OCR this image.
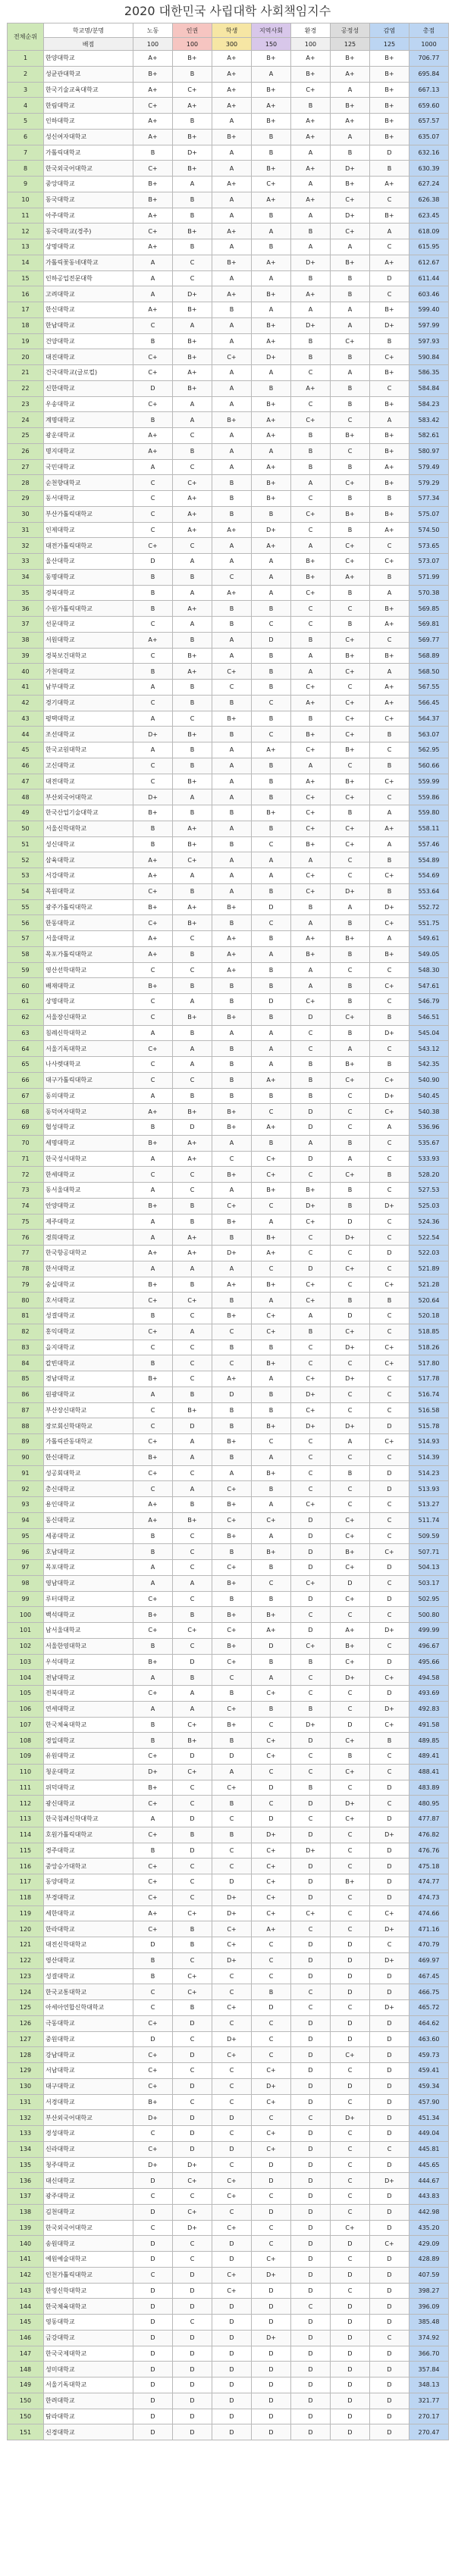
2020 대한민국 사립대학 사회책임지수
전체순위	학교명/분명	노동	인권	학생	지역사회	환경	공정성	감염	총점
	배점	100	100	300	150	100	125	125	1000
1	한양대학교	A+	B+	A+	B+	A+	B+	B+	706.77
2	성균관대학교	B+	B	A+	A	B+	A+	B+	695.84
3	한국기술교육대학교	A+	C+	A+	B+	C+	A	B+	667.13
4	한림대학교	C+	A+	A+	A+	B	B+	B+	659.60
5	인하대학교	A+	B	A	B+	A+	A+	B+	657.57
6	성신여자대학교	A+	B+	B+	B	A+	A	B+	635.07
7	가톨릭대학교	B	D+	A	B	A	B	D	632.16
8	한국외국어대학교	C+	B+	A	B+	A+	D+	B	630.39
9	중앙대학교	B+	A	A+	C+	A	B+	A+	627.24
10	동국대학교	B+	B	A	A+	A+	C+	C	626.38
11	아주대학교	A+	B	A	B	A	D+	B+	623.45
12	동국대학교(경주)	C+	B+	A+	A	B	C+	A	618.09
13	상명대학교	A+	B	A	B	A	A	C	615.95
14	가톨릭꽃동네대학교	A	C	B+	A+	D+	B+	A+	612.67
15	인하공업전문대학	A	C	A	A	B	B	D	611.44
16	고려대학교	A	D+	A+	B+	A+	B	C	603.46
17	한신대학교	A+	B+	B	A	A	A	B+	599.40
18	한남대학교	C	A	A	B+	D+	A	D+	597.99
19	건양대학교	B	B+	A	A+	B	C+	B	597.93
20	대진대학교	C+	B+	C+	D+	B	B	C+	590.84
21	건국대학교(글로컬)	C+	A+	A	A	C	A	B+	586.35
22	신한대학교	D	B+	A	B	A+	B	C	584.84
23	우송대학교	C+	A	A	B+	C	B	B+	584.23
24	계명대학교	B	A	B+	A+	C+	C	A	583.42
25	광운대학교	A+	C	A	A+	B	B+	B+	582.61
26	명지대학교	A+	B	A	A	B	C	B+	580.97
27	국민대학교	A	C	A	A+	B	B	A+	579.49
28	순천향대학교	C	C+	B	B+	A	C+	B+	579.29
29	동서대학교	C	A+	B	B+	C	B	B	577.34
30	부산가톨릭대학교	C	A+	B	B	C+	B+	B+	575.07
31	인제대학교	C	A+	A+	D+	C	B	A+	574.50
32	대전가톨릭대학교	C+	C	A	A+	A	C+	C	573.65
33	울산대학교	D	A	A	A	B+	C+	C+	573.07
34	동명대학교	B	B	C	A	B+	A+	B	571.99
35	경북대학교	B	A	A+	A	C+	B	A	570.38
36	수원가톨릭대학교	B	A+	B	B	C	C	B+	569.85
37	선문대학교	C	A	B	C	C	B	A+	569.81
38	서원대학교	A+	B	A	D	B	C+	C	569.77
39	경북보건대학교	C	B+	A	B	A	B+	B+	568.89
40	가천대학교	B	A+	C+	B	A	C+	A	568.50
41	남부대학교	A	B	C	B	C+	C	A+	567.55
42	경기대학교	C	B	B	C	A+	C+	A+	566.45
43	평택대학교	A	C	B+	B	B	C+	C+	564.37
44	조선대학교	D+	B+	B	C	B+	C+	B	563.07
45	한국교원대학교	A	B	A	A+	C+	B+	C	562.95
46	고신대학교	C	B	A	B	A	C	B	560.66
47	대전대학교	C	B+	A	B	A+	B+	C+	559.99
48	부산외국어대학교	D+	A	A	B	C+	C+	C	559.86
49	한국산업기술대학교	B+	B	B	B+	C+	B	A	559.80
50	서울신학대학교	B	A+	A	B	C+	C+	A+	558.11
51	성신대학교	B	B+	B	C	B+	C+	A	557.46
52	삼육대학교	A+	C+	A	A	A	C	B	554.89
53	서강대학교	A+	A	A	A	C+	C	C+	554.69
54	목원대학교	C+	B	A	B	C+	D+	B	553.64
55	광주가톨릭대학교	B+	A+	B+	D	B	A	D+	552.72
56	한동대학교	C+	B+	B	C	A	B	C+	551.75
57	서울대학교	A+	C	A+	B	A+	B+	A	549.61
58	목포가톨릭대학교	A+	B	A+	A	B+	B	B+	549.05
59	영산선학대학교	C	C	A+	B	A	C	C	548.30
60	배재대학교	B+	B	B	B	A	B	C+	547.61
61	상명대학교	C	A	B	D	C+	B	C	546.79
62	서울장신대학교	C	B+	B+	B	D	C+	B	546.51
63	침례신학대학교	A	B	A	A	C	B	D+	545.04
64	서울기독대학교	C+	A	B	A	C	A	C	543.12
65	나사렛대학교	C	A	B	A	B	B+	B	542.35
66	대구가톨릭대학교	C	C	B	A+	B	C+	C+	540.90
67	동의대학교	A	B	B	B	B	C	D+	540.45
68	동덕여자대학교	A+	B+	B+	C	D	C	C+	540.38
69	협성대학교	B	D	B+	A+	D	C	A	536.96
70	세명대학교	B+	A+	A	B	A	B	C	535.67
71	한국성서대학교	A	A+	C	C+	D	A	C	533.93
72	한세대학교	C	C	B+	C+	C	C+	B	528.20
73	동서울대학교	A	C	A	B+	B+	B	C	527.53
74	안양대학교	B+	B	C+	C	D+	B	D+	525.03
75	제주대학교	A	B	B+	A	C+	D	C	524.36
76	경희대학교	A	A+	B	B+	C	D+	C	522.54
77	한국항공대학교	A+	A+	D+	A+	C	C	D	522.03
78	한서대학교	A	A	A	C	D	C+	C	521.89
79	숭실대학교	B+	B	A+	B+	C+	C	C+	521.28
80	호서대학교	C+	C+	B	A	C+	B	B	520.64
81	성결대학교	B	C	B+	C+	A	D	C	520.18
82	홍익대학교	C+	A	C	C+	B	C+	C	518.85
83	을지대학교	C	C	B	B	C	D+	C+	518.26
84	칼빈대학교	B	C	C	B+	C	C	C+	517.80
85	경남대학교	B+	C	A+	A	C+	D+	C	517.78
86	원광대학교	A	B	D	B	D+	C	C	516.74
87	부산장신대학교	C	B+	B	B	C+	C	C	516.58
88	장로회신학대학교	C	D	B	B+	D+	D+	D	515.78
89	가톨릭관동대학교	C+	A	B+	C	C	A	C+	514.93
90	한신대학교	B+	A	B	A	C	C	C	514.39
91	성공회대학교	C+	C	A	B+	C	B	D	514.23
92	총신대학교	C	A	C+	B	C	C	D	513.93
93	용인대학교	A+	B	B+	A	C+	C	C	513.27
94	동신대학교	A+	B+	C+	C+	D	C+	C	511.74
95	세종대학교	B	C	B+	A	D	C+	C	509.59
96	호남대학교	B	C	B	B+	D	B+	C+	507.71
97	목포대학교	A	C	C+	B	D	C+	D	504.13
98	영남대학교	A	A	B+	C	C+	D	C	503.17
99	루터대학교	C+	C	B	B	D	C+	D	502.95
100	백석대학교	B+	B	B+	B+	C	C	C	500.80
101	남서울대학교	C+	C+	C+	A+	D	A+	D+	499.99
102	서울한영대학교	B	C	B+	D	C+	B+	C	496.67
103	우석대학교	B+	D	C+	B	B	C+	D	495.66
104	전남대학교	A	B	C	A	C	D+	C+	494.58
105	전북대학교	C+	A	B	C+	C	C	D	493.69
106	연세대학교	A	A	C+	B	B	C	D+	492.83
107	한국체육대학교	B	C+	B+	C	D+	D	C+	491.58
108	경일대학교	B	B+	B	C+	D	C+	B	489.85
109	유원대학교	C+	D	D	C+	C	B	C	489.41
110	청운대학교	D+	C+	A	C	C	C+	C	488.41
111	위덕대학교	B+	C	C+	D	B	C	D	483.89
112	광신대학교	C+	C	B	C	D	D+	C	480.95
113	한국침례신학대학교	A	D	C	D	C	C+	D	477.87
114	호원가톨릭대학교	C+	B	B	D+	D	C	D+	476.82
115	경주대학교	B	D	C	C+	D+	C	D	476.76
116	중앙승가대학교	C+	C	C	C+	D	C	D	475.18
117	동양대학교	C+	C	D	C+	D	B+	D	474.77
118	부경대학교	C+	C	D+	C+	D	C	D	474.73
119	세한대학교	A+	C+	D+	C+	C+	C	C+	474.66
120	한라대학교	C+	B	C+	A+	C	C	D+	471.16
121	대전신학대학교	D	B	C+	C	D	D	C	470.79
122	영산대학교	B	C	D+	C	D	D	D+	469.97
123	성결대학교	B	C+	C	C	D	D	D	467.45
124	한국교통대학교	C	C+	C	B	C	D	D	466.75
125	아세아연합신학대학교	C	B	C+	D	C	C	D+	465.72
126	극동대학교	C+	D	C	C	D	D	D	464.62
127	중원대학교	D	C	D+	C	D	D	D	463.60
128	강남대학교	C+	D	C+	C	D	C+	D	459.73
129	서남대학교	C+	C	C	C+	D	C	D	459.41
130	대구대학교	C+	D	C	D+	D	D	D	459.34
131	서경대학교	B+	C	C	C+	D	C	D	457.90
132	부산외국어대학교	D+	D	D	C	C	D+	D	451.34
133	경성대학교	C	D	C	C+	D	C	D	449.04
134	신라대학교	C+	D	D	C+	D	C	C	445.81
135	청주대학교	D+	D+	C	D	D	C	D	445.65
136	대신대학교	D	C+	C+	D	D	C	D+	444.67
137	광주대학교	C	C	C+	C	D	C	D	443.83
138	김천대학교	D	C+	C	D	D	C	D	442.98
139	한국외국어대학교	C	D+	C+	C	D	C+	D	435.20
140	송원대학교	D	C	D	C	D	D	C+	429.09
141	예원예술대학교	D	C	D	C+	D	C	D	428.89
142	인천가톨릭대학교	C	D	C+	D+	D	D	D	407.59
143	한영신학대학교	D	D	C+	D	D	C	D	398.27
144	한국체육대학교	D	D	D	D	C	D	D	396.09
145	영동대학교	D	C	D	D	D	D	D	385.48
146	금강대학교	D	D	D	D+	D	D	C	374.92
147	한국국제대학교	D	D	D	D	D	D	D	366.70
148	성미대학교	D	D	D	D	D	D	D	357.84
149	서울기독대학교	D	D	D	D	D	D	D	348.13
150	한려대학교	D	D	D	D	D	D	D	321.77
150	탐라대학교	D	D	D	D	D	D	D	270.17
151	신경대학교	D	D	D	D	D	D	D	270.47
